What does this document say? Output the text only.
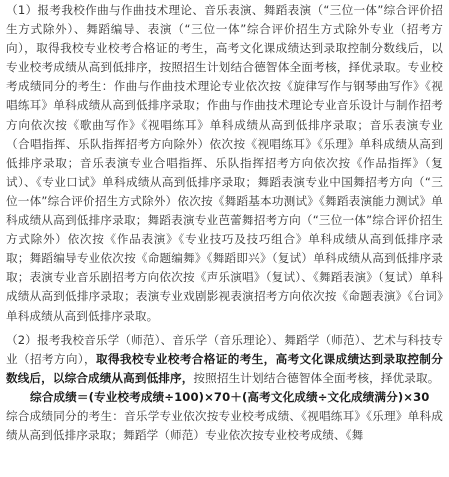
（1）报考我校作曲与作曲技术理论、音乐表演、舞蹈表演（“三位一体”综合评价招生方式除外）、舞蹈编导、表演（“三位一体”综合评价招生方式除外专业（招考方向），取得我校专业校考合格证的考生，高考文化课成绩达到录取控制分数线后，以专业校考成绩从高到低排序，按照招生计划结合德智体全面考核，择优录取。专业校考成绩同分的考生：作曲与作曲技术理论专业依次按《旋律写作与钢琴曲写作》《视唱练耳》单科成绩从高到低排序录取；作曲与作曲技术理论专业音乐设计与制作招考方向依次按《歌曲写作》《视唱练耳》单科成绩从高到低排序录取；音乐表演专业（合唱指挥、乐队指挥招考方向除外）依次按《视唱练耳》《乐理》单科成绩从高到低排序录取；音乐表演专业合唱指挥、乐队指挥招考方向依次按《作品指挥》（复试）、《专业口试》单科成绩从高到低排序录取；舞蹈表演专业中国舞招考方向（“三位一体”综合评价招生方式除外）依次按《舞蹈基本功测试》《舞蹈表演能力测试》单科成绩从高到低排序录取；舞蹈表演专业芭蕾舞招考方向（“三位一体”综合评价招生方式除外）依次按《作品表演》《专业技巧及技巧组合》单科成绩从高到低排序录取；舞蹈编导专业依次按《命题编舞》《舞蹈即兴》（复试）单科成绩从高到低排序录取；表演专业音乐剧招考方向依次按《声乐演唱》（复试）、《舞蹈表演》（复试）单科成绩从高到低排序录取；表演专业戏剧影视表演招考方向依次按《命题表演》《台词》单科成绩从高到低排序录取。

（2）报考我校音乐学（师范）、音乐学（音乐理论）、舞蹈学（师范）、艺术与科技专业（招考方向），取得我校专业校考合格证的考生，高考文化课成绩达到录取控制分数线后，以综合成绩从高到低排序，按照招生计划结合德智体全面考核，择优录取。
综合成绩＝(专业校考成绩÷100)×70＋(高考文化成绩÷文化成绩满分)×30
综合成绩同分的考生：音乐学专业依次按专业校考成绩、《视唱练耳》《乐理》单科成绩从高到低排序录取；舞蹈学（师范）专业依次按专业校考成绩、《舞
